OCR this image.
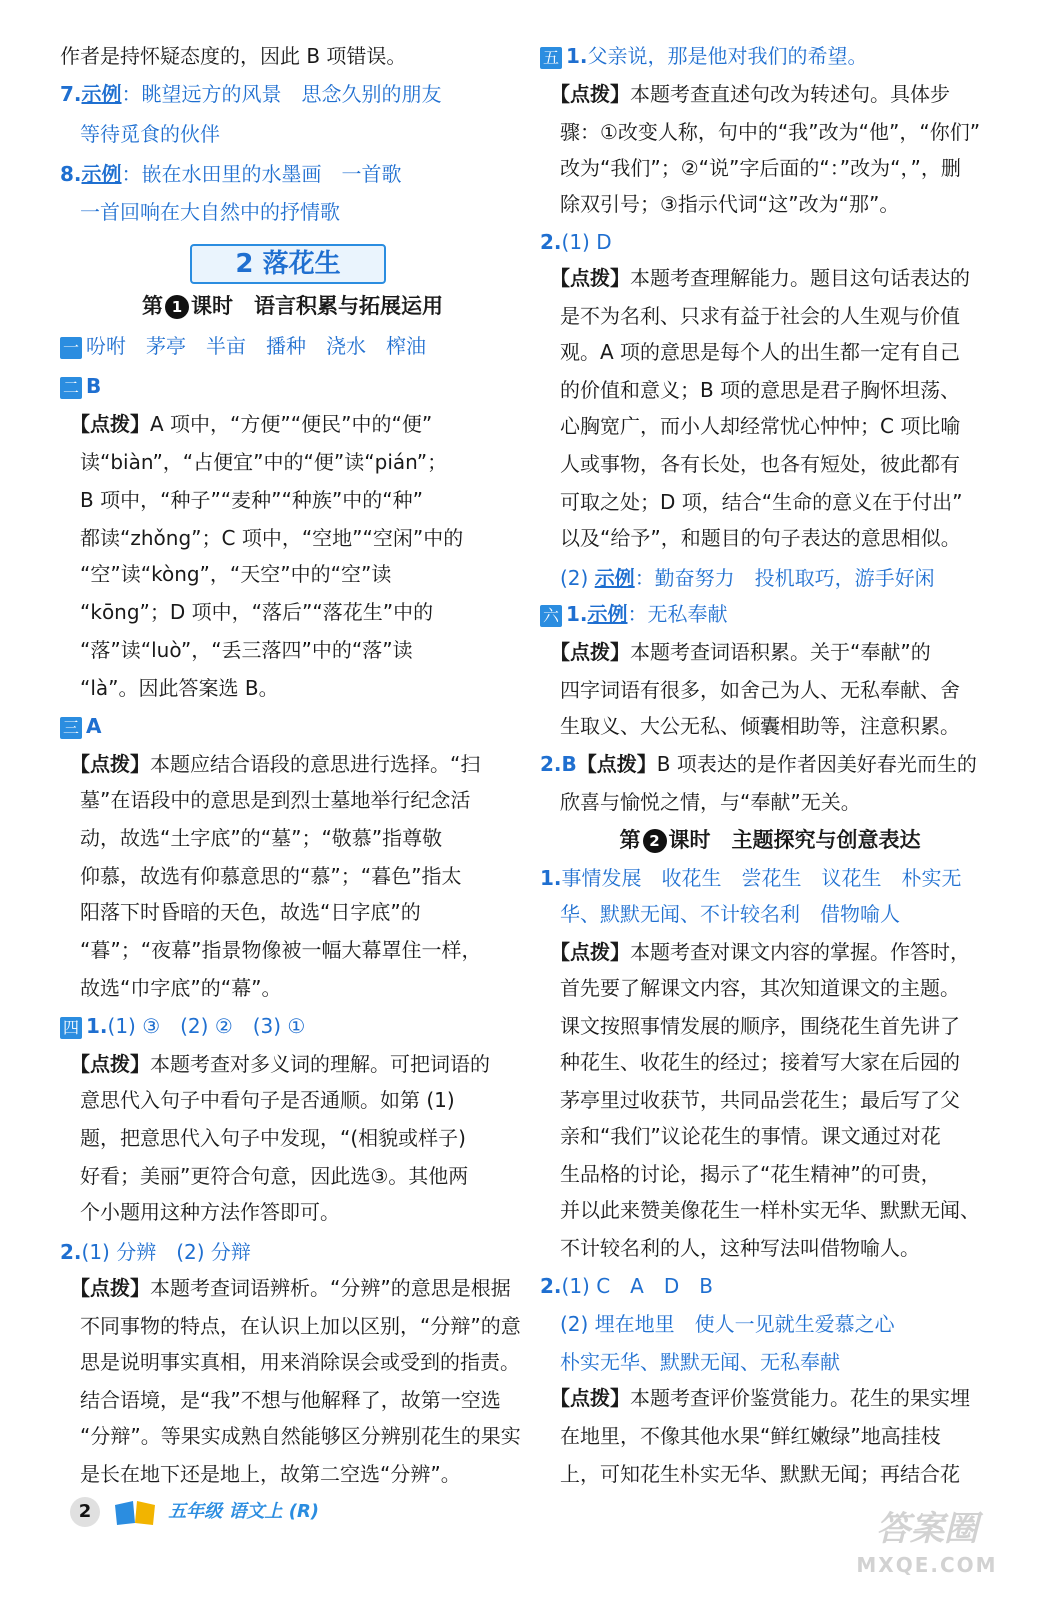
作者是持怀疑态度的，因此 B 项错误。
7.示例：眺望远方的风景　思念久别的朋友
　等待觅食的伙伴
8.示例：嵌在水田里的水墨画　一首歌
　一首回响在大自然中的抒情歌
第 1 课时　语言积累与拓展运用
一 吩咐　茅亭　半亩　播种　浇水　榨油
二 B
　【点拨】A 项中，“方便”“便民”中的“便”
　读“biàn”，“占便宜”中的“便”读“pián”；
　B 项中，“种子”“麦种”“种族”中的“种”
　都读“zhǒng”；C 项中，“空地”“空闲”中的
　“空”读“kòng”，“天空”中的“空”读
　“kōng”；D 项中，“落后”“落花生”中的
　“落”读“luò”，“丢三落四”中的“落”读
　“là”。因此答案选 B。
三 A
　【点拨】本题应结合语段的意思进行选择。“扫
　墓”在语段中的意思是到烈士墓地举行纪念活
　动，故选“土字底”的“墓”；“敬慕”指尊敬
　仰慕，故选有仰慕意思的“慕”；“暮色”指太
　阳落下时昏暗的天色，故选“日字底”的
　“暮”；“夜幕”指景物像被一幅大幕罩住一样，
　故选“巾字底”的“幕”。
四 1.(1) ③　(2) ②　(3) ①
　【点拨】本题考查对多义词的理解。可把词语的
　意思代入句子中看句子是否通顺。如第 (1)
　题，把意思代入句子中发现，“(相貌或样子)
　好看；美丽”更符合句意，因此选③。其他两
　个小题用这种方法作答即可。
2.(1) 分辨　(2) 分辩
　【点拨】本题考查词语辨析。“分辨”的意思是根据
　不同事物的特点，在认识上加以区别，“分辩”的意
　思是说明事实真相，用来消除误会或受到的指责。
　结合语境，是“我”不想与他解释了，故第一空选
　“分辩”。等果实成熟自然能够区分辨别花生的果实
　是长在地下还是地上，故第二空选“分辨”。
五 1.父亲说，那是他对我们的希望。
　【点拨】本题考查直述句改为转述句。具体步
　骤：①改变人称，句中的“我”改为“他”，“你们”
　改为“我们”；②“说”字后面的“：”改为“，”，删
　除双引号；③指示代词“这”改为“那”。
2.(1) D
　【点拨】本题考查理解能力。题目这句话表达的
　是不为名利、只求有益于社会的人生观与价值
　观。A 项的意思是每个人的出生都一定有自己
　的价值和意义；B 项的意思是君子胸怀坦荡、
　心胸宽广，而小人却经常忧心忡忡；C 项比喻
　人或事物，各有长处，也各有短处，彼此都有
　可取之处；D 项，结合“生命的意义在于付出”
　以及“给予”，和题目的句子表达的意思相似。
　(2) 示例：勤奋努力　投机取巧，游手好闲
六 1.示例：无私奉献
　【点拨】本题考查词语积累。关于“奉献”的
　四字词语有很多，如舍己为人、无私奉献、舍
　生取义、大公无私、倾囊相助等，注意积累。
2.B【点拨】B 项表达的是作者因美好春光而生的
　欣喜与愉悦之情，与“奉献”无关。
第 2 课时　主题探究与创意表达
1.事情发展　收花生　尝花生　议花生　朴实无
　华、默默无闻、不计较名利　借物喻人
　【点拨】本题考查对课文内容的掌握。作答时，
　首先要了解课文内容，其次知道课文的主题。
　课文按照事情发展的顺序，围绕花生首先讲了
　种花生、收花生的经过；接着写大家在后园的
　茅亭里过收获节，共同品尝花生；最后写了父
　亲和“我们”议论花生的事情。课文通过对花
　生品格的讨论，揭示了“花生精神”的可贵，
　并以此来赞美像花生一样朴实无华、默默无闻、
　不计较名利的人，这种写法叫借物喻人。
2.(1) C　A　D　B
　(2) 埋在地里　使人一见就生爱慕之心
　朴实无华、默默无闻、无私奉献
　【点拨】本题考查评价鉴赏能力。花生的果实埋
　在地里，不像其他水果“鲜红嫩绿”地高挂枝
　上，可知花生朴实无华、默默无闻；再结合花
2 落花生
2	五年级 语文上 (R)	答案圈
MXQE.COM
